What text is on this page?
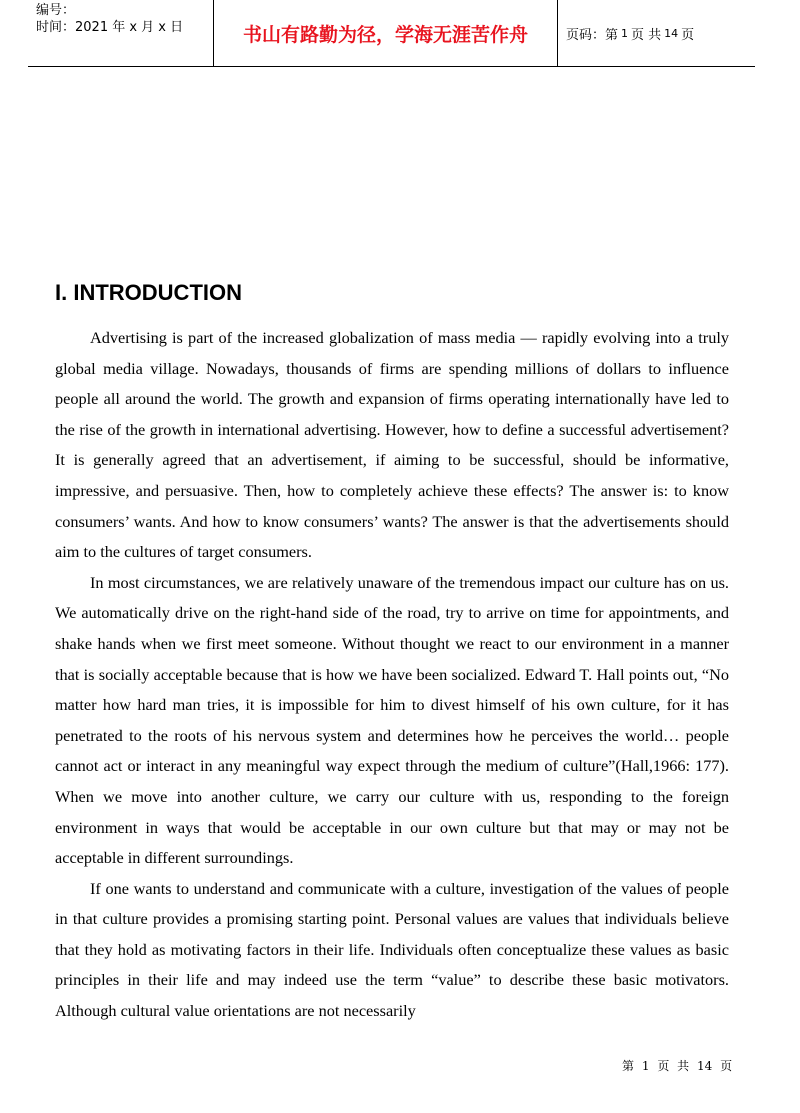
编号：
时间：2021 年 x 月 x 日	书山有路勤为径，学海无涯苦作舟	页码：第 1 页 共 14 页
I. INTRODUCTION

Advertising is part of the increased globalization of mass media — rapidly evolving into a truly global media village. Nowadays, thousands of firms are spending millions of dollars to influence people all around the world. The growth and expansion of firms operating internationally have led to the rise of the growth in international advertising. However, how to define a successful advertisement? It is generally agreed that an advertisement, if aiming to be successful, should be informative, impressive, and persuasive. Then, how to completely achieve these effects? The answer is: to know consumers’ wants. And how to know consumers’ wants? The answer is that the advertisements should aim to the cultures of target consumers.

In most circumstances, we are relatively unaware of the tremendous impact our culture has on us. We automatically drive on the right-hand side of the road, try to arrive on time for appointments, and shake hands when we first meet someone. Without thought we react to our environment in a manner that is socially acceptable because that is how we have been socialized. Edward T. Hall points out, “No matter how hard man tries, it is impossible for him to divest himself of his own culture, for it has penetrated to the roots of his nervous system and determines how he perceives the world… people cannot act or interact in any meaningful way expect through the medium of culture”(Hall,1966: 177). When we move into another culture, we carry our culture with us, responding to the foreign environment in ways that would be acceptable in our own culture but that may or may not be acceptable in different surroundings.

If one wants to understand and communicate with a culture, investigation of the values of people in that culture provides a promising starting point. Personal values are values that individuals believe that they hold as motivating factors in their life. Individuals often conceptualize these values as basic principles in their life and may indeed use the term “value” to describe these basic motivators. Although cultural value orientations are not necessarily

第 1 页 共 14 页
